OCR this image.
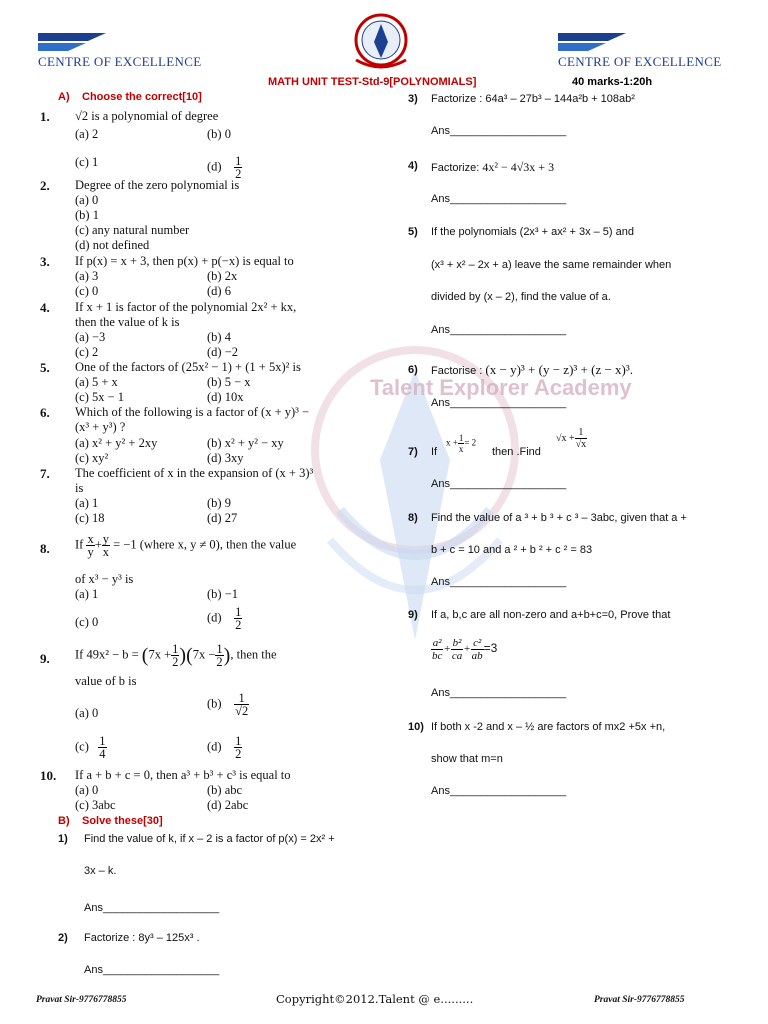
Talent Explorer Academy
CENTRE OF EXCELLENCE	CENTRE OF EXCELLENCE
MATH UNIT TEST-Std-9[POLYNOMIALS]	40 marks-1:20h
A) Choose the correct[10]
1. √2 is a polynomial of degree
(a) 2	(b) 0
(c) 1	$(d) \frac{1}{2}$
2. Degree of the zero polynomial is
(a) 0
(b) 1
(c) any natural number
(d) not defined
3. If p(x) = x + 3, then p(x) + p(−x) is equal to
(a) 3	(b) 2x
(c) 0	(d) 6
4. If x + 1 is factor of the polynomial 2x² + kx,
then the value of k is
(a) −3	(b) 4
(c) 2	(d) −2
5. One of the factors of (25x² − 1) + (1 + 5x)² is
(a) 5 + x	(b) 5 − x
(c) 5x − 1	(d) 10x
6. Which of the following is a factor of (x + y)³ −
(x³ + y³) ?
(a) x² + y² + 2xy	(b) x² + y² − xy
(c) xy²	(d) 3xy
7. The coefficient of x in the expansion of (x + 3)³
is
(a) 1	(b) 9
(c) 18	(d) 27
8. If $\frac{x}{y} + \frac{y}{x} = -1$ (where x, y ≠ 0), then the value
of x³ − y³ is
(a) 1	(b) −1
(c) 0	$(d) \frac{1}{2}$
9. If $49x^2 - b = (7x + \frac{1}{2} )(7x - \frac{1}{2}$ ), then the
value of b is
(a) 0
$(b) \frac{1}{√2}$
$(c) \frac{1}{4}$	$(d) \frac{1}{2}$
10. If a + b + c = 0, then a³ + b³ + c³ is equal to
(a) 0	(b) abc
(c) 3abc	(d) 2abc
B) Solve these[30]
1) Find the value of k, if x – 2 is a factor of p(x) = 2x² +
3x – k.
Ans___________________
2) Factorize : 8y³ – 125x³ .
Ans___________________
3) Factorize : 64a³ – 27b³ – 144a²b + 108ab²
Ans___________________
4) Factorize: 4x² − 4√3x + 3
Ans___________________
5) If the polynomials (2x³ + ax² + 3x – 5) and
(x³ + x² – 2x + a) leave the same remainder when
divided by (x – 2), find the value of a.
Ans___________________
6) Factorise : (x − y)³ + (y − z)³ + (z − x)³.
Ans___________________
7) If
$x + \frac{1}{x} = 2$
then .Find
$√x + \frac{1}{√x}$
Ans___________________
8) Find the value of a ³ + b ³ + c ³ – 3abc, given that a +
b + c = 10 and a ² + b ² + c ² = 83
Ans___________________
9) If a, b,c are all non-zero and a+b+c=0, Prove that
$\frac{\text{a²}}{bc} + \frac{\text{b²}}{ca} + \frac{\text{c²}}{ab} =3$
Ans___________________
10) If both x -2 and x – ½ are factors of mx2 +5x +n,
show that m=n
Ans___________________
Pravat Sir-9776778855	Copyright©2012.Talent @ e.........	Pravat Sir-9776778855
